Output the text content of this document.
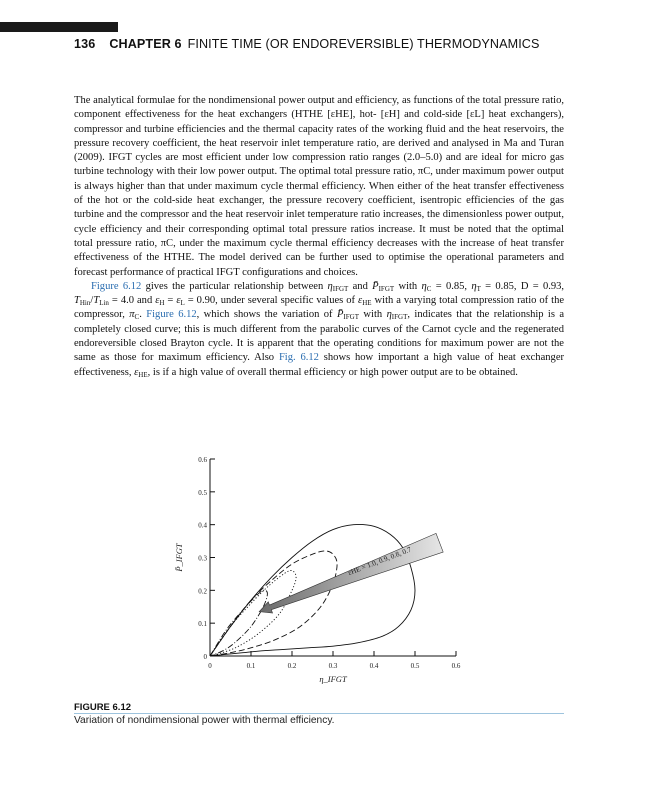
136 CHAPTER 6 FINITE TIME (OR ENDOREVERSIBLE) THERMODYNAMICS

The analytical formulae for the nondimensional power output and efficiency, as functions of the total pressure ratio, component effectiveness for the heat exchangers (HTHE [εHE], hot- [εH] and cold-side [εL] heat exchangers), compressor and turbine efficiencies and the thermal capacity rates of the working fluid and the heat reservoirs, the pressure recovery coefficient, the heat reservoir inlet temperature ratio, are derived and analysed in Ma and Turan (2009). IFGT cycles are most efficient under low compression ratio ranges (2.0–5.0) and are ideal for micro gas turbine technology with their low power output. The optimal total pressure ratio, πC, under maximum power output is always higher than that under maximum cycle thermal efficiency. When either of the heat transfer effectiveness of the hot or the cold-side heat exchanger, the pressure recovery coefficient, isentropic efficiencies of the gas turbine and the compressor and the heat reservoir inlet temperature ratio increases, the dimensionless power output, cycle efficiency and their corresponding optimal total pressure ratios increase. It must be noted that the optimal total pressure ratio, πC, under the maximum cycle thermal efficiency decreases with the increase of heat transfer effectiveness of the HTHE. The model derived can be further used to optimise the operational parameters and forecast performance of practical IFGT configurations and choices.

Figure 6.12 gives the particular relationship between $\eta_{IFGT}$ and $P̄_{IFGT}$ with $\eta_C = 0.85$, $\eta_T = 0.85$, D = 0.93, $T_{Hin}/T_{Lin} = 4.0$ and $\varepsilon_H = \varepsilon_L = 0.90$, under several specific values of $\varepsilon_{HE}$ with a varying total compression ratio of the compressor, $\pi_C$. Figure 6.12, which shows the variation of $P̄_{IFGT}$ with $\eta_{IFGT}$, indicates that the relationship is a completely closed curve; this is much different from the parabolic curves of the Carnot cycle and the regenerated endoreversible closed Brayton cycle. It is apparent that the operating conditions for maximum power are not the same as those for maximum efficiency. Also Fig. 6.12 shows how important a high value of heat exchanger effectiveness, $\varepsilon_{HE}$, is if a high value of overall thermal efficiency or high power output are to be obtained.

0
0.1
0.2
0.3
0.4
0.5
0.6
0	0.1	0.2	0.3	0.4	0.5	0.6
η_IFGT
P̄_IFGT	εHE = 1.0, 0.9, 0.8, 0.7
FIGURE 6.12
Variation of nondimensional power with thermal efficiency.
